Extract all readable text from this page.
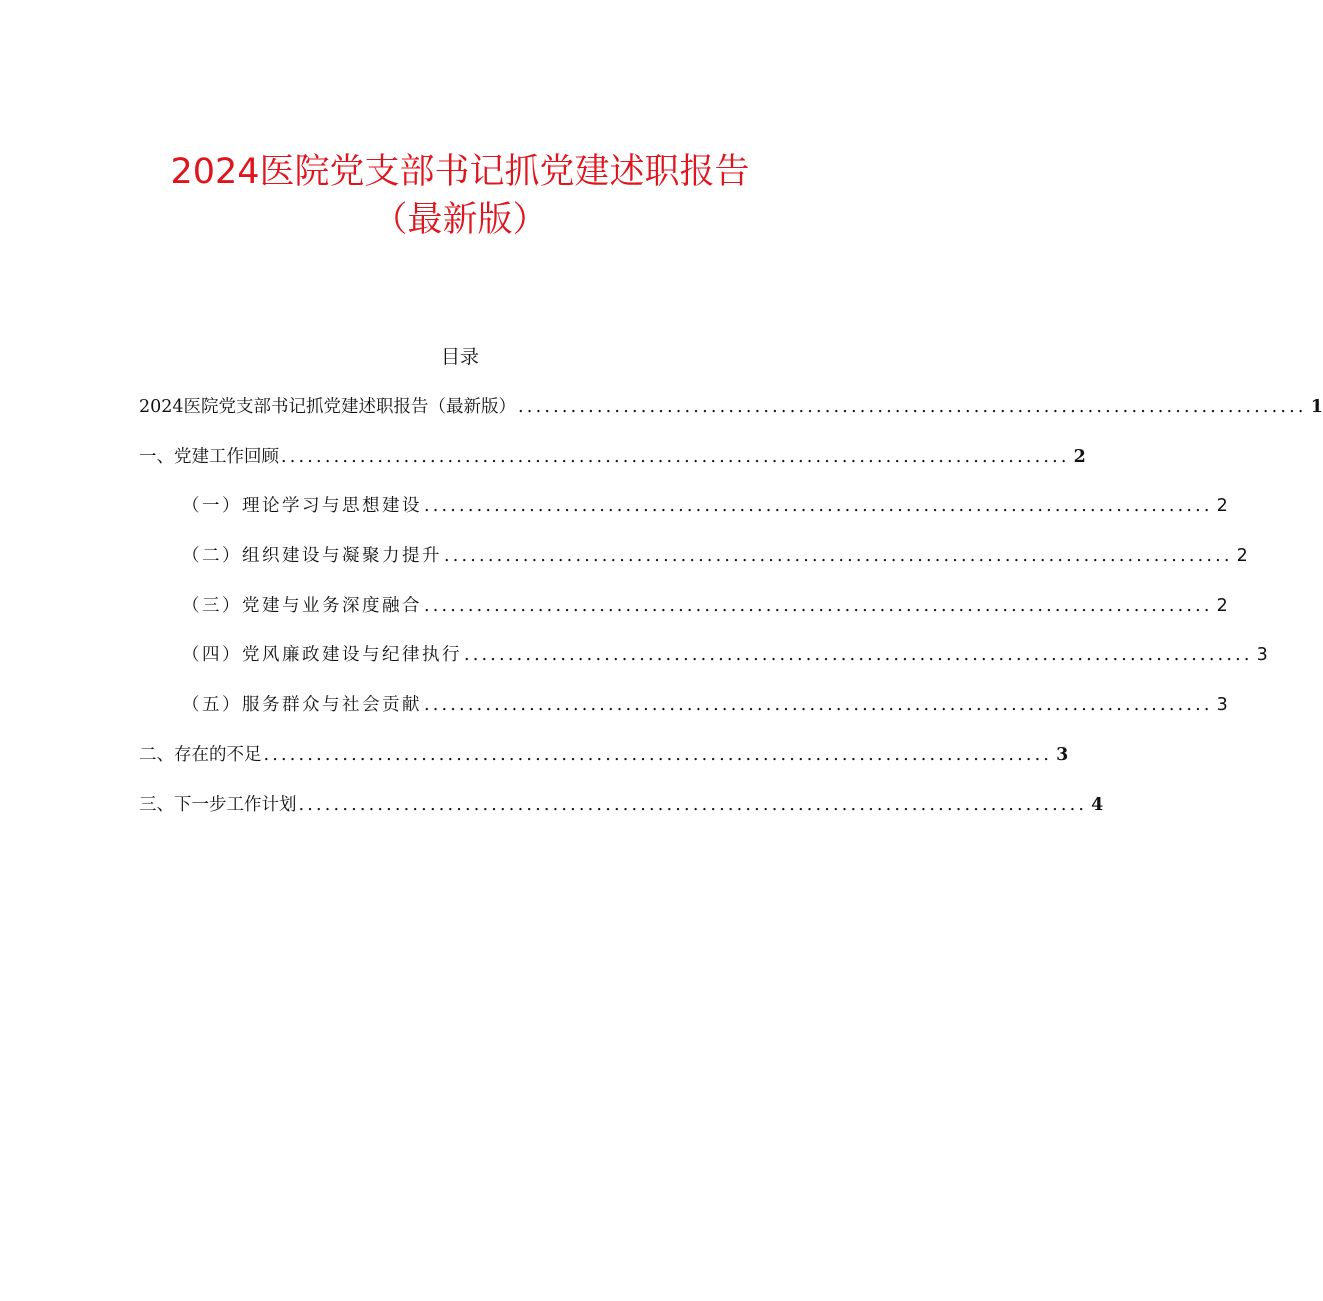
2024医院党支部书记抓党建述职报告
（最新版）
目录
2024医院党支部书记抓党建述职报告（最新版） .......................................................................................... 1
一、党建工作回顾 .......................................................................................... 2
（一）理论学习与思想建设 .......................................................................................... 2
（二）组织建设与凝聚力提升 .......................................................................................... 2
（三）党建与业务深度融合 .......................................................................................... 2
（四）党风廉政建设与纪律执行 .......................................................................................... 3
（五）服务群众与社会贡献 .......................................................................................... 3
二、存在的不足 .......................................................................................... 3
三、下一步工作计划 .......................................................................................... 4
